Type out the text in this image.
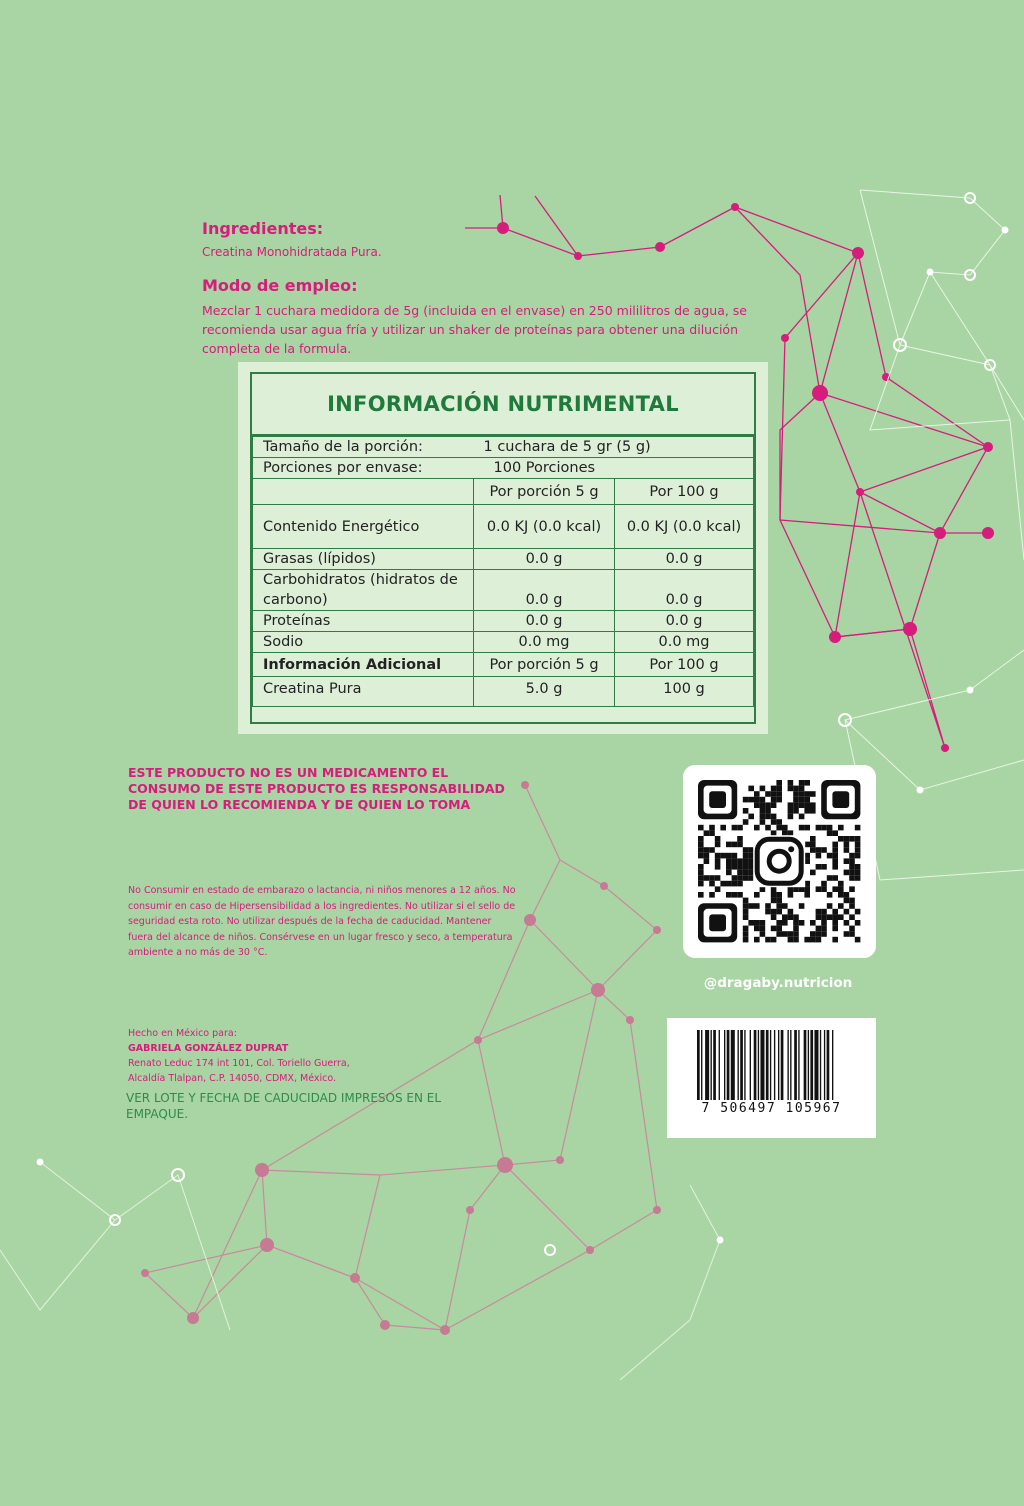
Ingredientes:
Creatina Monohidratada Pura.
Modo de empleo:
Mezclar 1 cuchara medidora de 5g (incluida en el envase) en 250 mililitros de agua, se recomienda usar agua fría y utilizar un shaker de proteínas para obtener una dilución completa de la formula.
INFORMACIÓN NUTRIMENTAL
Tamaño de la porción:	1 cuchara de 5 gr (5 g)	
Porciones por envase:	100 Porciones	
	Por porción 5 g	Por 100 g
Contenido Energético	0.0 KJ (0.0 kcal)	0.0 KJ (0.0 kcal)
Grasas (lípidos)	0.0 g	0.0 g
Carbohidratos (hidratos de carbono)	0.0 g	0.0 g
Proteínas	0.0 g	0.0 g
Sodio	0.0 mg	0.0 mg
Información Adicional	Por porción 5 g	Por 100 g
Creatina Pura	5.0 g	100 g
ESTE PRODUCTO NO ES UN MEDICAMENTO EL CONSUMO DE ESTE PRODUCTO ES RESPONSABILIDAD DE QUIEN LO RECOMIENDA Y DE QUIEN LO TOMA
No Consumir en estado de embarazo o lactancia, ni niños menores a 12 años. No consumir en caso de Hipersensibilidad a los ingredientes. No utilizar si el sello de seguridad esta roto. No utilizar después de la fecha de caducidad. Mantener fuera del alcance de niños. Consérvese en un lugar fresco y seco, a temperatura ambiente a no más de 30 °C.
Hecho en México para:
GABRIELA GONZÁLEZ DUPRAT
Renato Leduc 174 int 101, Col. Toriello Guerra,
Alcaldía Tlalpan, C.P. 14050, CDMX, México.
VER LOTE Y FECHA DE CADUCIDAD IMPRESOS EN EL EMPAQUE.
@dragaby.nutricion
7 506497 105967
